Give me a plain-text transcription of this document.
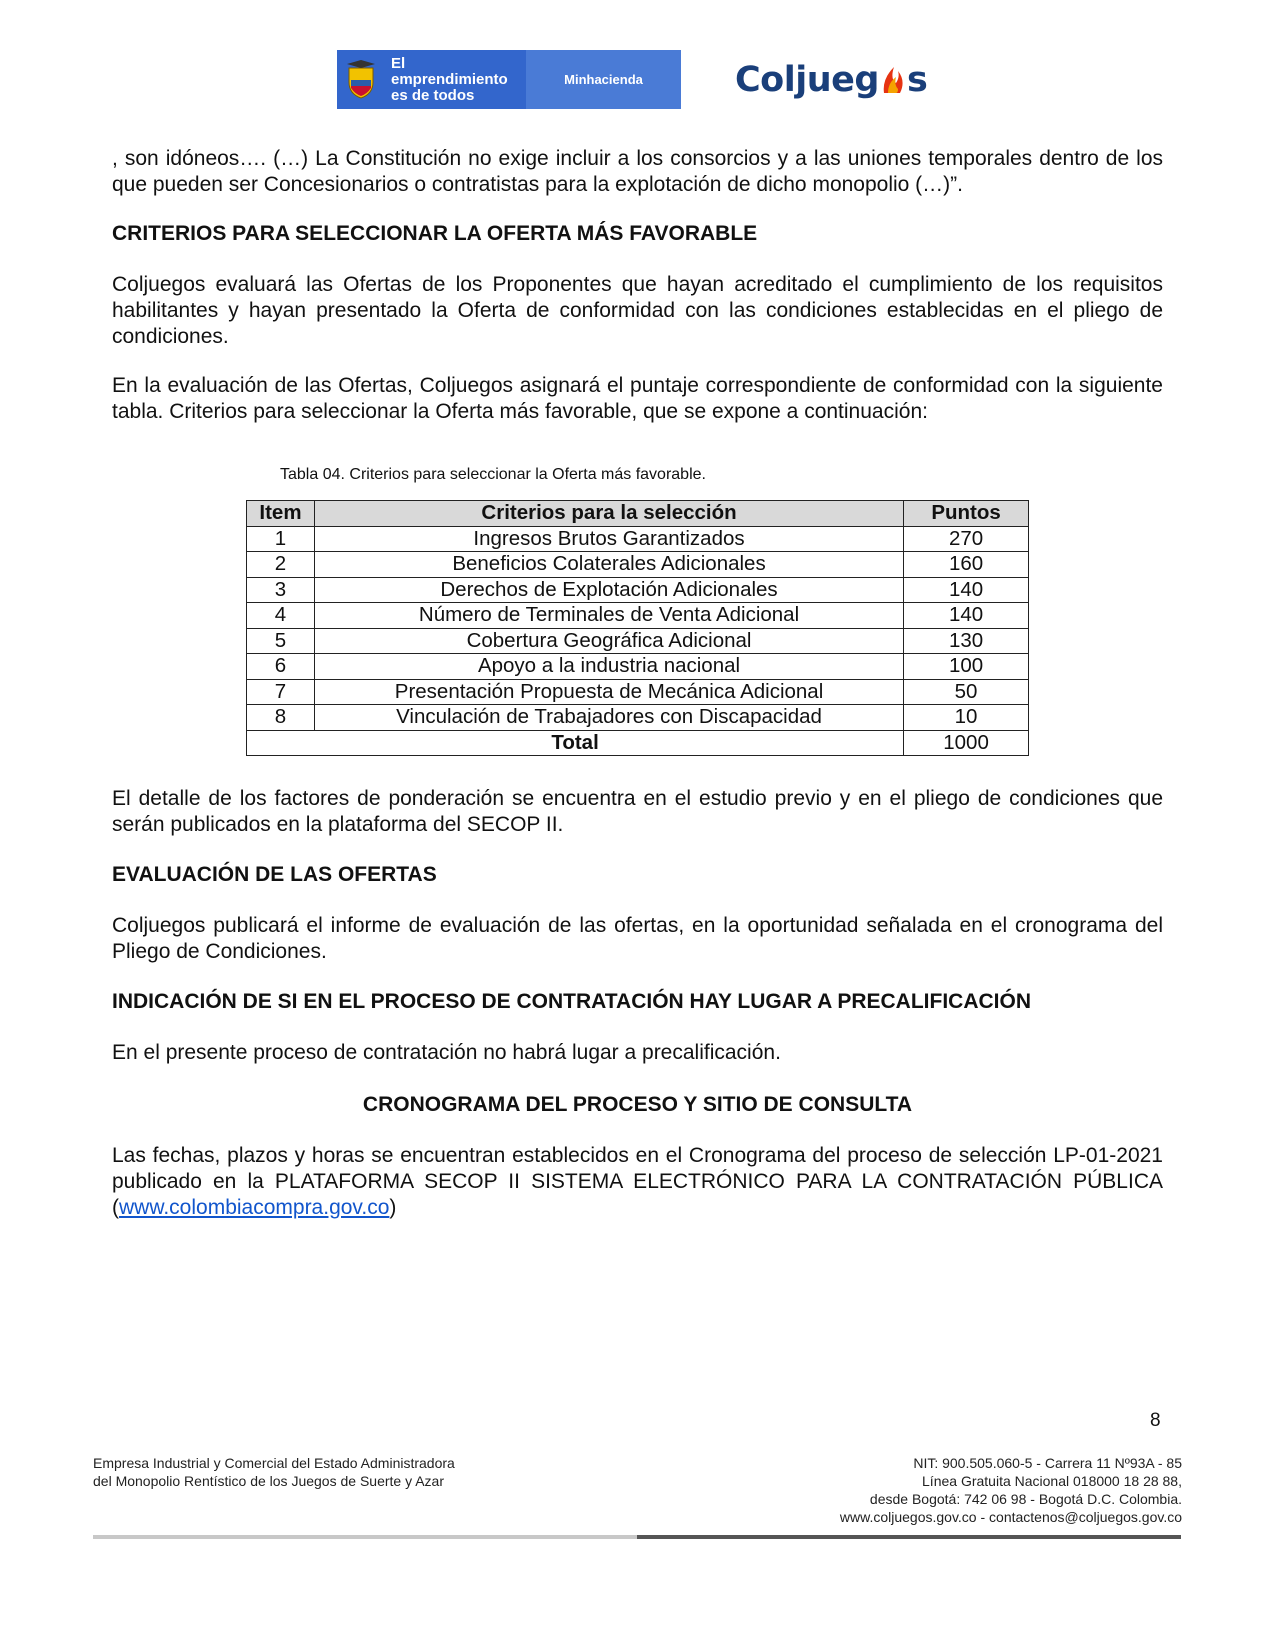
El emprendimiento
es de todos
Minhacienda	Coljueg s

, son idóneos…. (…) La Constitución no exige incluir a los consorcios y a las uniones temporales dentro de los que pueden ser Concesionarios o contratistas para la explotación de dicho monopolio (…)”.

CRITERIOS PARA SELECCIONAR LA OFERTA MÁS FAVORABLE

Coljuegos evaluará las Ofertas de los Proponentes que hayan acreditado el cumplimiento de los requisitos habilitantes y hayan presentado la Oferta de conformidad con las condiciones establecidas en el pliego de condiciones.

En la evaluación de las Ofertas, Coljuegos asignará el puntaje correspondiente de conformidad con la siguiente tabla. Criterios para seleccionar la Oferta más favorable, que se expone a continuación:

Tabla 04. Criterios para seleccionar la Oferta más favorable.
Item	Criterios para la selección	Puntos
1	Ingresos Brutos Garantizados	270
2	Beneficios Colaterales Adicionales	160
3	Derechos de Explotación Adicionales	140
4	Número de Terminales de Venta Adicional	140
5	Cobertura Geográfica Adicional	130
6	Apoyo a la industria nacional	100
7	Presentación Propuesta de Mecánica Adicional	50
8	Vinculación de Trabajadores con Discapacidad	10
Total		1000

El detalle de los factores de ponderación se encuentra en el estudio previo y en el pliego de condiciones que serán publicados en la plataforma del SECOP II.

EVALUACIÓN DE LAS OFERTAS

Coljuegos publicará el informe de evaluación de las ofertas, en la oportunidad señalada en el cronograma del Pliego de Condiciones.

INDICACIÓN DE SI EN EL PROCESO DE CONTRATACIÓN HAY LUGAR A PRECALIFICACIÓN

En el presente proceso de contratación no habrá lugar a precalificación.

CRONOGRAMA DEL PROCESO Y SITIO DE CONSULTA

Las fechas, plazos y horas se encuentran establecidos en el Cronograma del proceso de selección LP-01-2021 publicado en la PLATAFORMA SECOP II SISTEMA ELECTRÓNICO PARA LA CONTRATACIÓN PÚBLICA (www.colombiacompra.gov.co)

8
Empresa Industrial y Comercial del Estado Administradora
del Monopolio Rentístico de los Juegos de Suerte y Azar
NIT: 900.505.060-5 - Carrera 11 Nº93A - 85
Línea Gratuita Nacional 018000 18 28 88,
desde Bogotá: 742 06 98 - Bogotá D.C. Colombia.
www.coljuegos.gov.co - contactenos@coljuegos.gov.co
